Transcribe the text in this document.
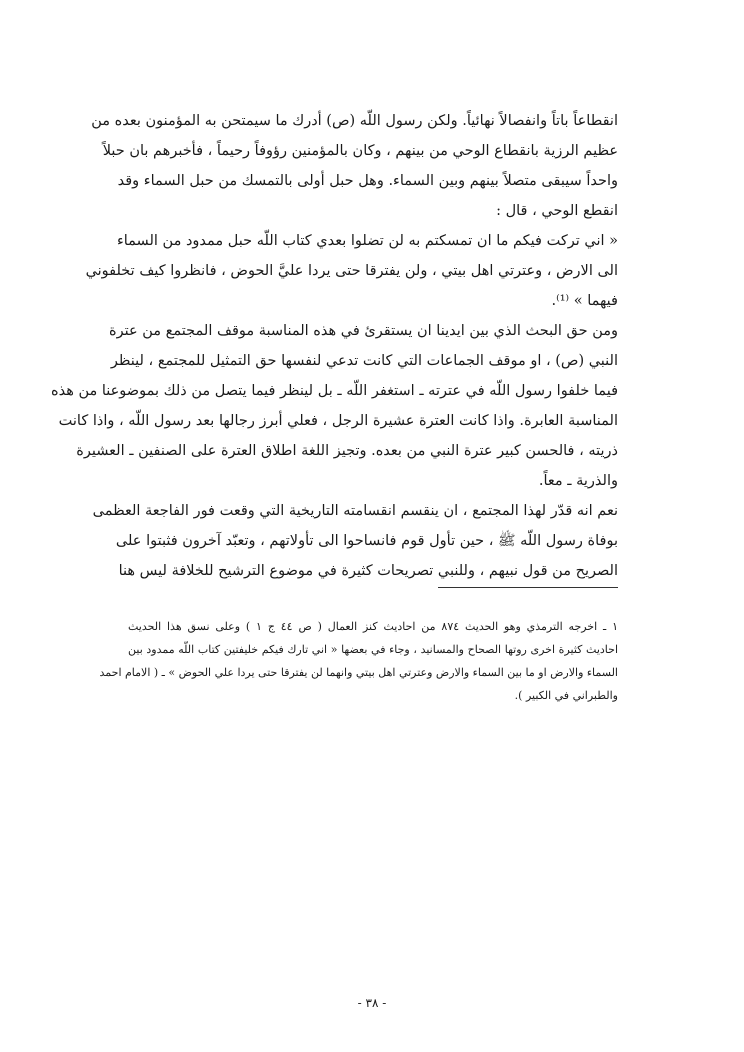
انقطاعاً باتاً وانفصالاً نهائياً. ولكن رسول اللّه (ص) أدرك ما سيمتحن به المؤمنون بعده من
عظيم الرزية بانقطاع الوحي من بينهم ، وكان بالمؤمنين رؤوفاً رحيماً ، فأخبرهم بان حبلاً
واحداً سيبقى متصلاً بينهم وبين السماء. وهل حبل أولى بالتمسك من حبل السماء وقد
انقطع الوحي ، قال :
« اني تركت فيكم ما ان تمسكتم به لن تضلوا بعدي كتاب اللّه حبل ممدود من السماء
الى الارض ، وعترتي اهل بيتي ، ولن يفترقا حتى يردا عليَّ الحوض ، فانظروا كيف تخلفوني
فيهما » ⁽¹⁾.
ومن حق البحث الذي بين ايدينا ان يستقرئ في هذه المناسبة موقف المجتمع من عترة
النبي (ص) ، او موقف الجماعات التي كانت تدعي لنفسها حق التمثيل للمجتمع ، لينظر
فيما خلفوا رسول اللّه في عترته ـ استغفر اللّه ـ بل لينظر فيما يتصل من ذلك بموضوعنا من هذه
المناسبة العابرة. واذا كانت العترة عشيرة الرجل ، فعلي أبرز رجالها بعد رسول اللّه ، واذا كانت
ذريته ، فالحسن كبير عترة النبي من بعده. وتجيز اللغة اطلاق العترة على الصنفين ـ العشيرة
والذرية ـ معاً.
نعم انه قدّر لهذا المجتمع ، ان ينقسم انقسامته التاريخية التي وقعت فور الفاجعة العظمى
بوفاة رسول اللّه ﷺ ، حين تأول قوم فانساحوا الى تأولاتهم ، وتعبّد آخرون فثبتوا على
الصريح من قول نبيهم ، وللنبي تصريحات كثيرة في موضوع الترشيح للخلافة ليس هنا
١ ـ اخرجه الترمذي وهو الحديث ٨٧٤ من احاديث كنز العمال ( ص ٤٤ ج ١ ) وعلى نسق هذا الحديث
احاديث كثيرة اخرى روتها الصحاح والمسانيد ، وجاء في بعضها « اني تارك فيكم خليفتين كتاب اللّه ممدود بين
السماء والارض او ما بين السماء والارض وعترتي اهل بيتي وانهما لن يفترقا حتى يردا علي الحوض » ـ ( الامام احمد
والطبراني في الكبير ).
- ٣٨ -
